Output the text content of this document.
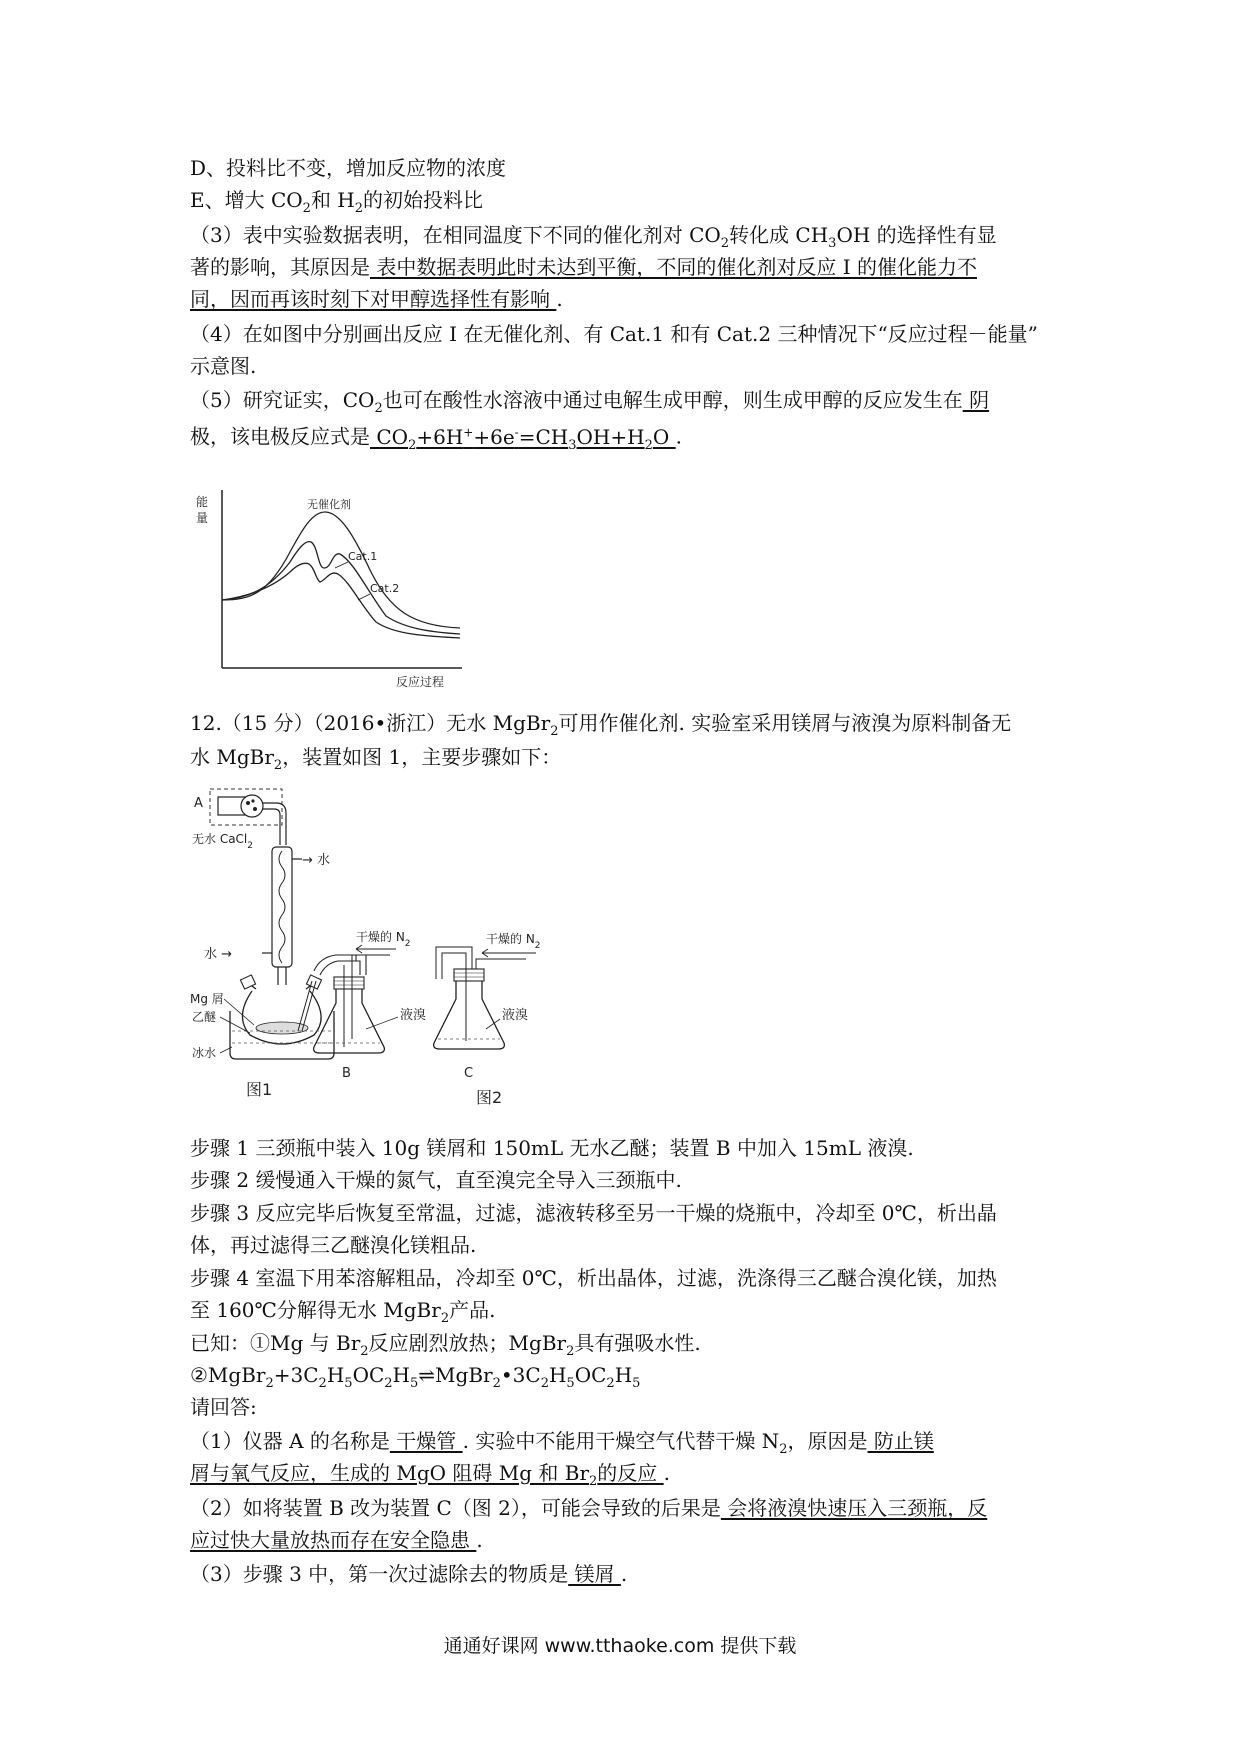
D、投料比不变，增加反应物的浓度
E、增大 $CO_2$和 $H_2$的初始投料比
（3）表中实验数据表明，在相同温度下不同的催化剂对 $CO_2$转化成 $CH_3OH$ 的选择性有显
著的影响，其原因是 表中数据表明此时未达到平衡，不同的催化剂对反应 I 的催化能力不
同，因而再该时刻下对甲醇选择性有影响 .
（4）在如图中分别画出反应 I 在无催化剂、有 Cat.1 和有 Cat.2 三种情况下“反应过程－能量”
示意图.
（5）研究证实，$CO_2$也可在酸性水溶液中通过电解生成甲醇，则生成甲醇的反应发生在 阴
极，该电极反应式是 $CO_2+6H^++6e^-=CH_3OH+H_2O$ .
能
量
反应过程
无催化剂
Cat.1
Cat.2
12.（15 分）（2016•浙江）无水 MgBr$_2$可用作催化剂. 实验室采用镁屑与液溴为原料制备无
水 MgBr$_2$，装置如图 1，主要步骤如下：
A
无水 CaCl$_2$
→ 水
水 →
Mg 屑
乙醚
冰水
图1
干燥的 $N_2$
液溴
B
干燥的 $N_2$
液溴
C
图2
步骤 1 三颈瓶中装入 10g 镁屑和 150mL 无水乙醚；装置 B 中加入 15mL 液溴.
步骤 2 缓慢通入干燥的氮气，直至溴完全导入三颈瓶中.
步骤 3 反应完毕后恢复至常温，过滤，滤液转移至另一干燥的烧瓶中，冷却至 0℃，析出晶
体，再过滤得三乙醚溴化镁粗品.
步骤 4 室温下用苯溶解粗品，冷却至 0℃，析出晶体，过滤，洗涤得三乙醚合溴化镁，加热
至 160℃分解得无水 MgBr$_2$产品.
已知：①Mg 与 $Br_2$反应剧烈放热；MgBr$_2$具有强吸水性.
$②MgBr_2+3C_2H_5OC_2H_5\rightleftharpoons MgBr_2•3C_2H_5OC_2H_5$
请回答:
（1）仪器 A 的名称是 干燥管 . 实验中不能用干燥空气代替干燥 $N_2$，原因是 防止镁
屑与氧气反应，生成的 MgO 阻碍 Mg 和 $Br_2$的反应 .
（2）如将装置 B 改为装置 C（图 2），可能会导致的后果是 会将液溴快速压入三颈瓶，反
应过快大量放热而存在安全隐患 .
（3）步骤 3 中，第一次过滤除去的物质是 镁屑 .
通通好课网 www.tthaoke.com 提供下载
